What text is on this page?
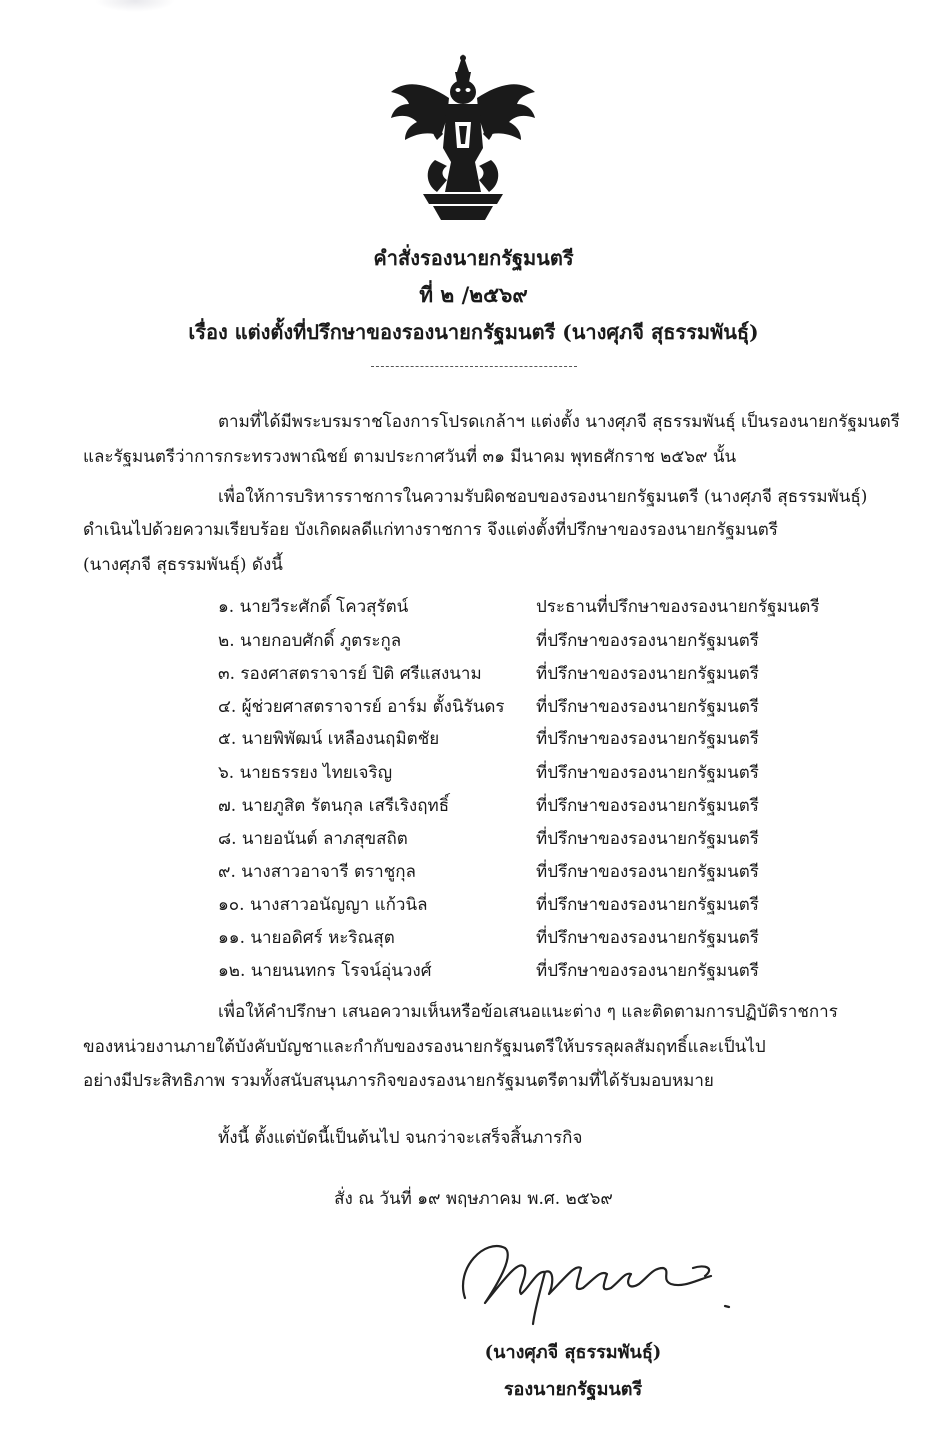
คำสั่งรองนายกรัฐมนตรี
ที่ ๒ /๒๕๖๙
เรื่อง แต่งตั้งที่ปรึกษาของรองนายกรัฐมนตรี (นางศุภจี สุธรรมพันธุ์)
ตามที่ได้มีพระบรมราชโองการโปรดเกล้าฯ แต่งตั้ง นางศุภจี สุธรรมพันธุ์ เป็นรองนายกรัฐมนตรี
และรัฐมนตรีว่าการกระทรวงพาณิชย์ ตามประกาศวันที่ ๓๑ มีนาคม พุทธศักราช ๒๕๖๙ นั้น
เพื่อให้การบริหารราชการในความรับผิดชอบของรองนายกรัฐมนตรี (นางศุภจี สุธรรมพันธุ์)
ดำเนินไปด้วยความเรียบร้อย บังเกิดผลดีแก่ทางราชการ จึงแต่งตั้งที่ปรึกษาของรองนายกรัฐมนตรี
(นางศุภจี สุธรรมพันธุ์) ดังนี้
๑. นายวีระศักดิ์ โควสุรัตน์	ประธานที่ปรึกษาของรองนายกรัฐมนตรี
๒. นายกอบศักดิ์ ภูตระกูล	ที่ปรึกษาของรองนายกรัฐมนตรี
๓. รองศาสตราจารย์ ปิติ ศรีแสงนาม	ที่ปรึกษาของรองนายกรัฐมนตรี
๔. ผู้ช่วยศาสตราจารย์ อาร์ม ตั้งนิรันดร ที่ปรึกษาของรองนายกรัฐมนตรี
๕. นายพิพัฒน์ เหลืองนฤมิตชัย	ที่ปรึกษาของรองนายกรัฐมนตรี
๖. นายธรรยง ไทยเจริญ	ที่ปรึกษาของรองนายกรัฐมนตรี
๗. นายภูสิต รัตนกุล เสรีเริงฤทธิ์	ที่ปรึกษาของรองนายกรัฐมนตรี
๘. นายอนันต์ ลาภสุขสถิต	ที่ปรึกษาของรองนายกรัฐมนตรี
๙. นางสาวอาจารี ตราชูกุล	ที่ปรึกษาของรองนายกรัฐมนตรี
๑๐. นางสาวอนัญญา แก้วนิล	ที่ปรึกษาของรองนายกรัฐมนตรี
๑๑. นายอดิศร์ หะริณสุต	ที่ปรึกษาของรองนายกรัฐมนตรี
๑๒. นายนนทกร โรจน์อุ่นวงศ์	ที่ปรึกษาของรองนายกรัฐมนตรี
เพื่อให้คำปรึกษา เสนอความเห็นหรือข้อเสนอแนะต่าง ๆ และติดตามการปฏิบัติราชการ
ของหน่วยงานภายใต้บังคับบัญชาและกำกับของรองนายกรัฐมนตรีให้บรรลุผลสัมฤทธิ์และเป็นไป
อย่างมีประสิทธิภาพ รวมทั้งสนับสนุนภารกิจของรองนายกรัฐมนตรีตามที่ได้รับมอบหมาย
ทั้งนี้ ตั้งแต่บัดนี้เป็นต้นไป จนกว่าจะเสร็จสิ้นภารกิจ
สั่ง ณ วันที่ ๑๙ พฤษภาคม พ.ศ. ๒๕๖๙
(นางศุภจี สุธรรมพันธุ์)
รองนายกรัฐมนตรี
